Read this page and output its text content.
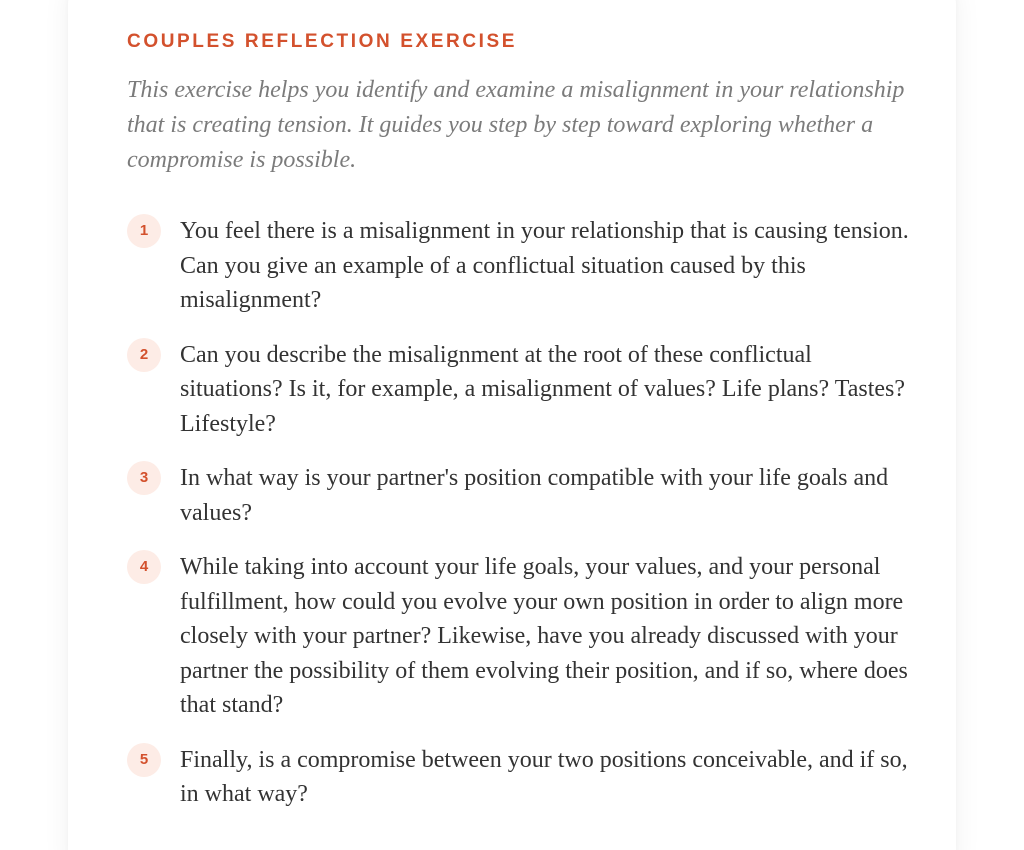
COUPLES REFLECTION EXERCISE

This exercise helps you identify and examine a misalignment in your relationship that is creating tension. It guides you step by step toward exploring whether a compromise is possible.

1	You feel there is a misalignment in your relationship that is causing tension. Can you give an example of a conflictual situation caused by this misalignment?

2	Can you describe the misalignment at the root of these conflictual situations? Is it, for example, a misalignment of values? Life plans? Tastes? Lifestyle?

3	In what way is your partner's position compatible with your life goals and values?

4	While taking into account your life goals, your values, and your personal fulfillment, how could you evolve your own position in order to align more closely with your partner? Likewise, have you already discussed with your partner the possibility of them evolving their position, and if so, where does that stand?

5	Finally, is a compromise between your two positions conceivable, and if so, in what way?
